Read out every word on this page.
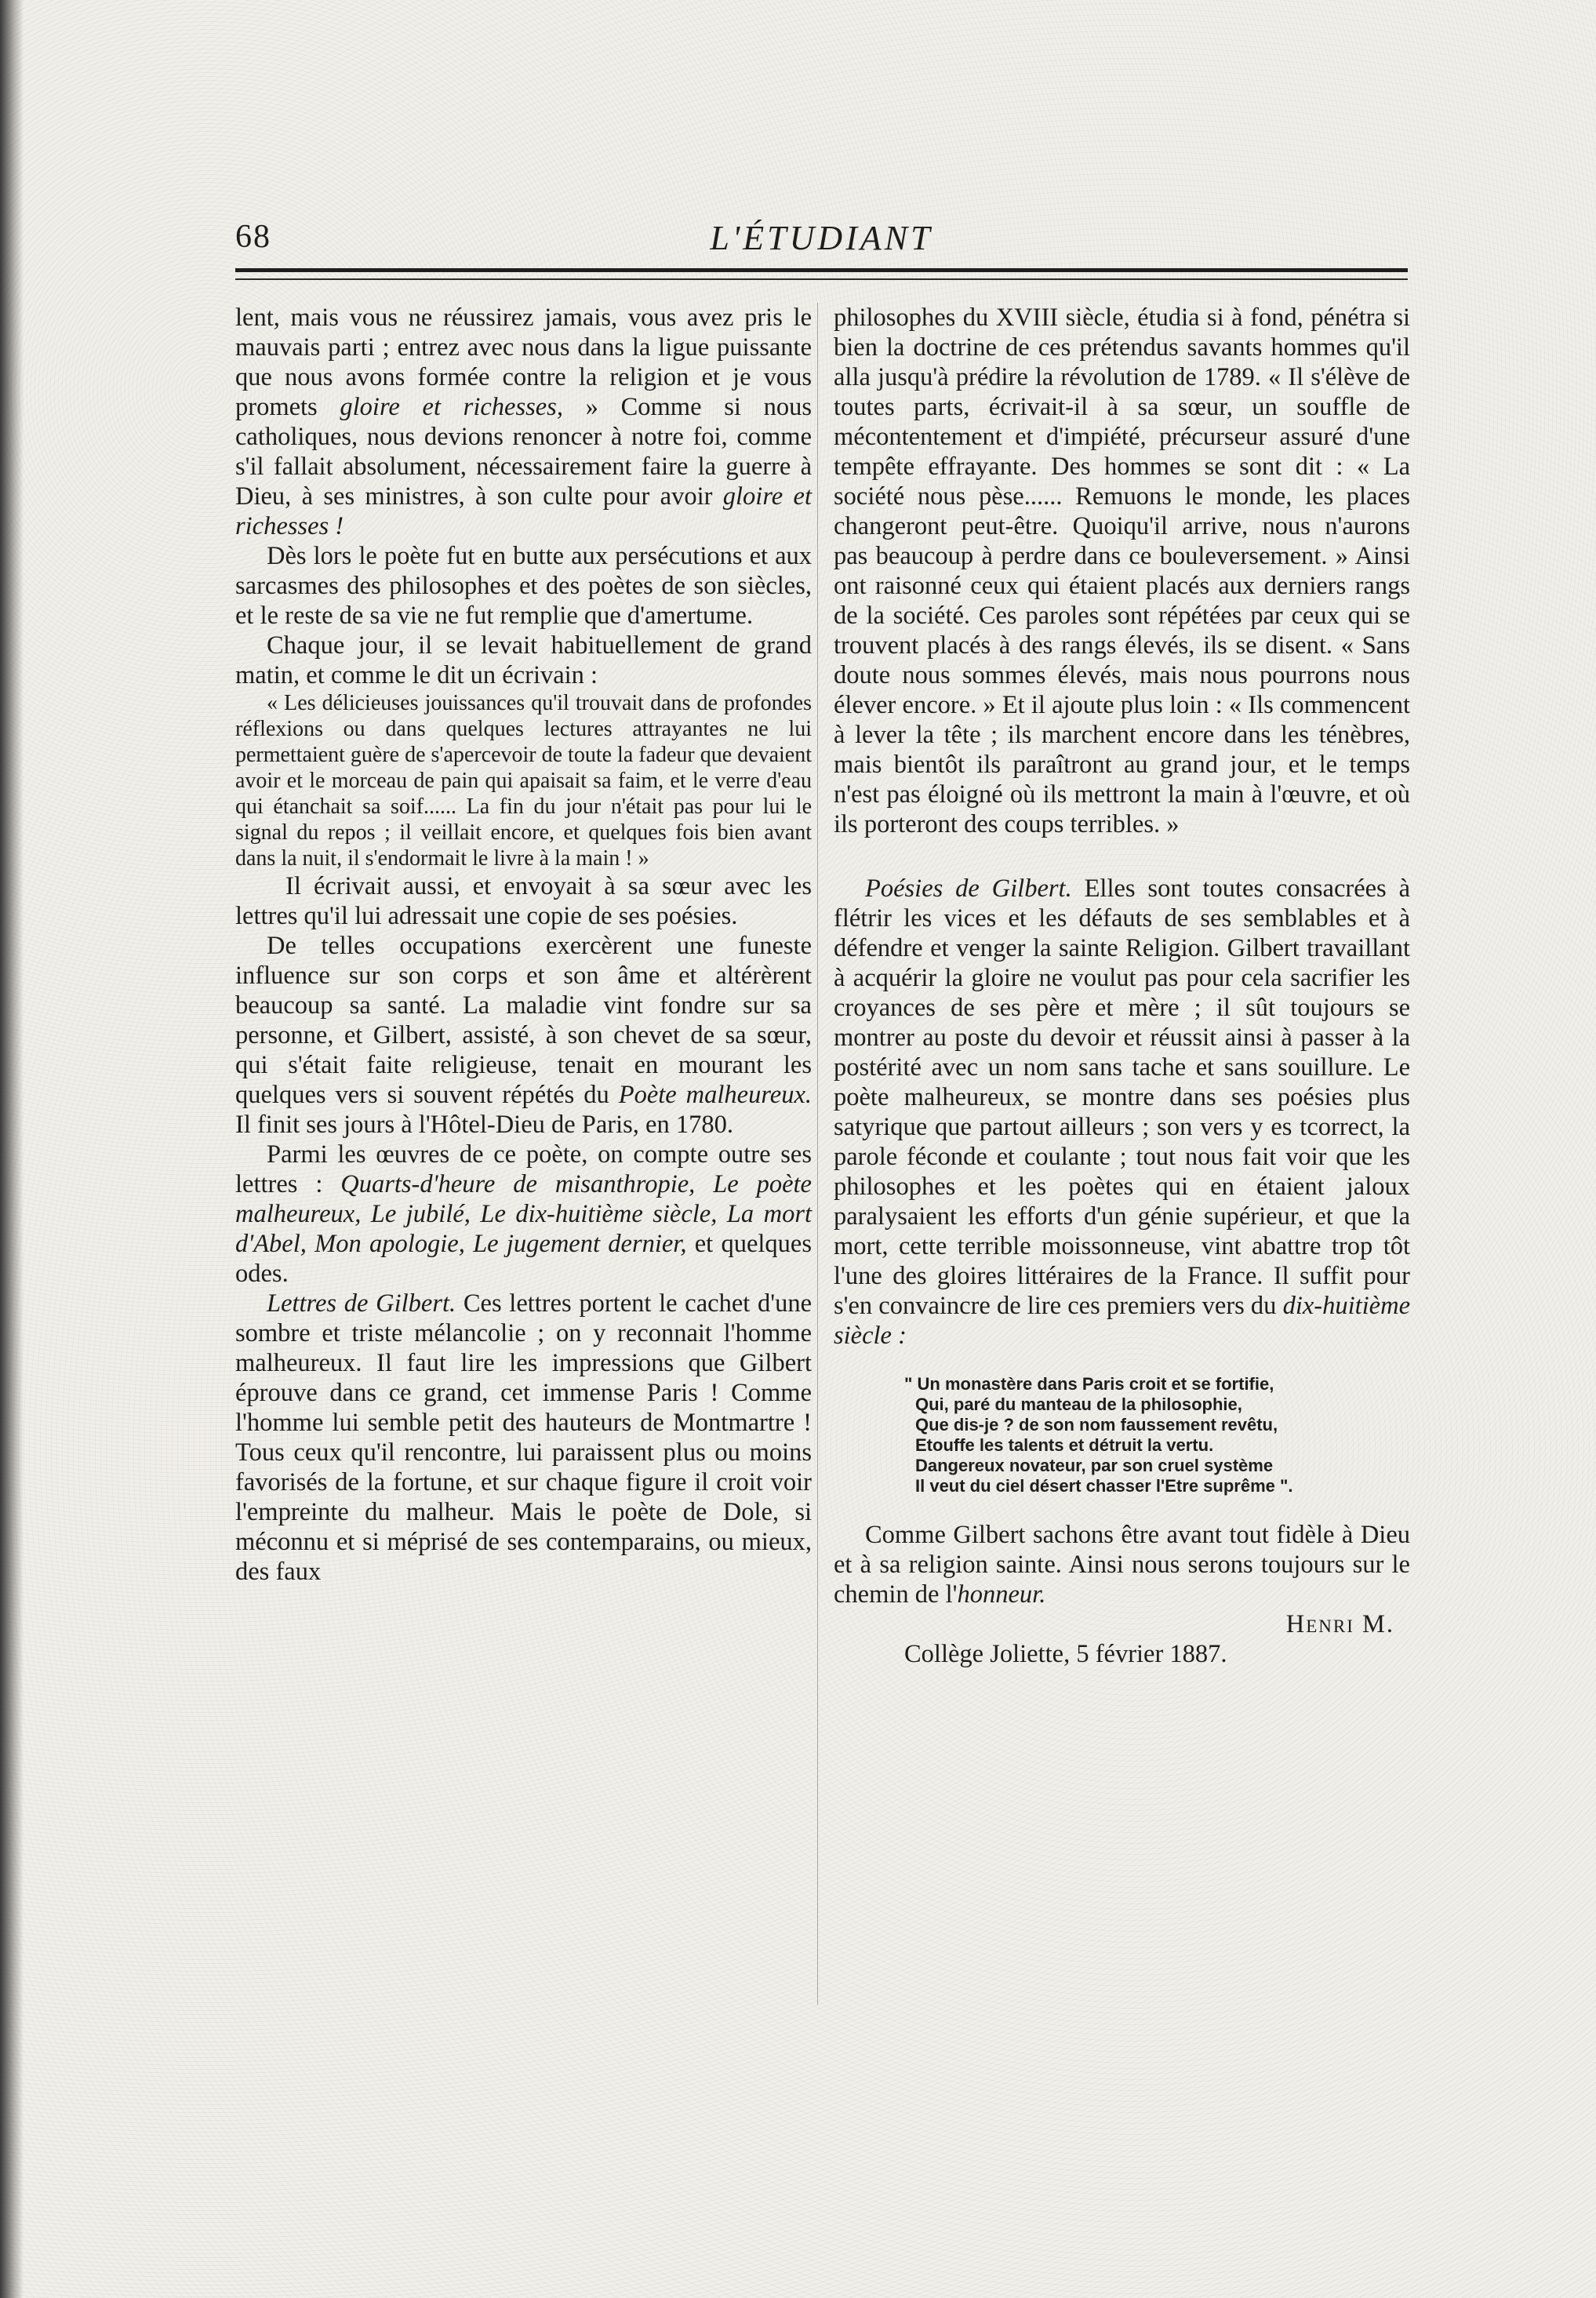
68	L'ÉTUDIANT

lent, mais vous ne réussirez jamais, vous avez pris le mauvais parti ; entrez avec nous dans la ligue puissante que nous avons formée contre la religion et je vous promets gloire et richesses, » Comme si nous catholiques, nous devions renoncer à notre foi, comme s'il fallait absolument, nécessairement faire la guerre à Dieu, à ses ministres, à son culte pour avoir gloire et richesses !

Dès lors le poète fut en butte aux persécutions et aux sarcasmes des philosophes et des poètes de son siècles, et le reste de sa vie ne fut remplie que d'amertume.

Chaque jour, il se levait habituellement de grand matin, et comme le dit un écrivain :

« Les délicieuses jouissances qu'il trouvait dans de profondes réflexions ou dans quelques lectures attrayantes ne lui permettaient guère de s'apercevoir de toute la fadeur que devaient avoir et le morceau de pain qui apaisait sa faim, et le verre d'eau qui étanchait sa soif...... La fin du jour n'était pas pour lui le signal du repos ; il veillait encore, et quelques fois bien avant dans la nuit, il s'endormait le livre à la main ! »

Il écrivait aussi, et envoyait à sa sœur avec les lettres qu'il lui adressait une copie de ses poésies.

De telles occupations exercèrent une funeste influence sur son corps et son âme et altérèrent beaucoup sa santé. La maladie vint fondre sur sa personne, et Gilbert, assisté, à son chevet de sa sœur, qui s'était faite religieuse, tenait en mourant les quelques vers si souvent répétés du Poète malheureux. Il finit ses jours à l'Hôtel-Dieu de Paris, en 1780.

Parmi les œuvres de ce poète, on compte outre ses lettres : Quarts-d'heure de misanthropie, Le poète malheureux, Le jubilé, Le dix-huitième siècle, La mort d'Abel, Mon apologie, Le jugement dernier, et quelques odes.

Lettres de Gilbert. Ces lettres portent le cachet d'une sombre et triste mélancolie ; on y reconnait l'homme malheureux. Il faut lire les impressions que Gilbert éprouve dans ce grand, cet immense Paris ! Comme l'homme lui semble petit des hauteurs de Montmartre ! Tous ceux qu'il rencontre, lui paraissent plus ou moins favorisés de la fortune, et sur chaque figure il croit voir l'empreinte du malheur. Mais le poète de Dole, si méconnu et si méprisé de ses contemparains, ou mieux, des faux

philosophes du XVIII siècle, étudia si à fond, pénétra si bien la doctrine de ces prétendus savants hommes qu'il alla jusqu'à prédire la révolution de 1789. « Il s'élève de toutes parts, écrivait-il à sa sœur, un souffle de mécontentement et d'impiété, précurseur assuré d'une tempête effrayante. Des hommes se sont dit : « La société nous pèse...... Remuons le monde, les places changeront peut-être. Quoiqu'il arrive, nous n'aurons pas beaucoup à perdre dans ce bouleversement. » Ainsi ont raisonné ceux qui étaient placés aux derniers rangs de la société. Ces paroles sont répétées par ceux qui se trouvent placés à des rangs élevés, ils se disent. « Sans doute nous sommes élevés, mais nous pourrons nous élever encore. » Et il ajoute plus loin : « Ils commencent à lever la tête ; ils marchent encore dans les ténèbres, mais bientôt ils paraîtront au grand jour, et le temps n'est pas éloigné où ils mettront la main à l'œuvre, et où ils porteront des coups terribles. »

Poésies de Gilbert. Elles sont toutes consacrées à flétrir les vices et les défauts de ses semblables et à défendre et venger la sainte Religion. Gilbert travaillant à acquérir la gloire ne voulut pas pour cela sacrifier les croyances de ses père et mère ; il sût toujours se montrer au poste du devoir et réussit ainsi à passer à la postérité avec un nom sans tache et sans souillure. Le poète malheureux, se montre dans ses poésies plus satyrique que partout ailleurs ; son vers y es tcorrect, la parole féconde et coulante ; tout nous fait voir que les philosophes et les poètes qui en étaient jaloux paralysaient les efforts d'un génie supérieur, et que la mort, cette terrible moissonneuse, vint abattre trop tôt l'une des gloires littéraires de la France. Il suffit pour s'en convaincre de lire ces premiers vers du dix-huitième siècle :

" Un monastère dans Paris croit et se fortifie,
Qui, paré du manteau de la philosophie,
Que dis-je ? de son nom faussement revêtu,
Etouffe les talents et détruit la vertu.
Dangereux novateur, par son cruel système
Il veut du ciel désert chasser l'Etre suprême ".

Comme Gilbert sachons être avant tout fidèle à Dieu et à sa religion sainte. Ainsi nous serons toujours sur le chemin de l'honneur.

Henri M.

Collège Joliette, 5 février 1887.
